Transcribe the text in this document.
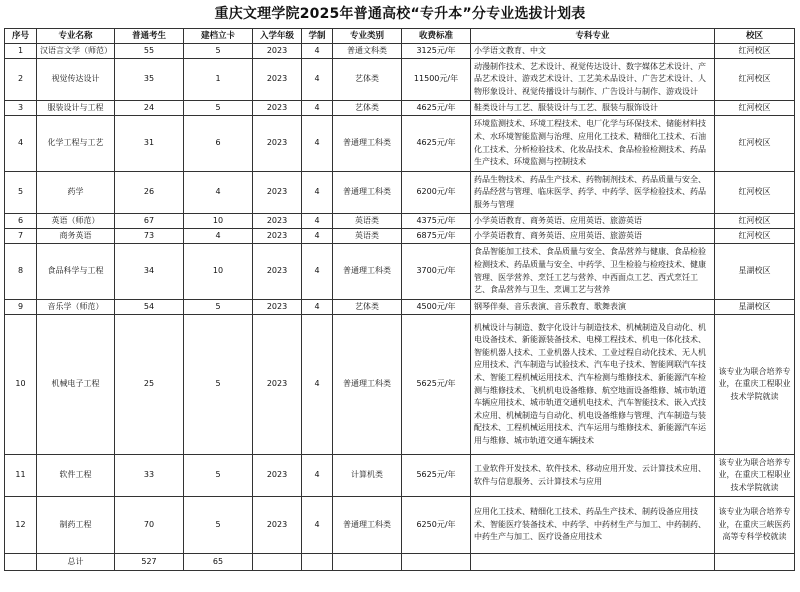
重庆文理学院2025年普通高校“专升本”分专业选拔计划表
序号	专业名称	普通考生	建档立卡	入学年级	学制	专业类别	收费标准	专科专业	校区
1	汉语言文学（师范）	55	5	2023	4	普通文科类	3125元/年	小学语文教育、中文	红河校区
2	视觉传达设计	35	1	2023	4	艺体类	11500元/年	动漫制作技术、艺术设计、视觉传达设计、数字媒体艺术设计、产品艺术设计、游戏艺术设计、工艺美术品设计、广告艺术设计、人物形象设计、视觉传播设计与制作、广告设计与制作、游戏设计	红河校区
3	服装设计与工程	24	5	2023	4	艺体类	4625元/年	鞋类设计与工艺、服装设计与工艺、服装与服饰设计	红河校区
4	化学工程与工艺	31	6	2023	4	普通理工科类	4625元/年	环境监测技术、环境工程技术、电厂化学与环保技术、储能材料技术、水环境智能监测与治理、应用化工技术、精细化工技术、石油化工技术、分析检验技术、化妆品技术、食品检验检测技术、药品生产技术、环境监测与控制技术	红河校区
5	药学	26	4	2023	4	普通理工科类	6200元/年	药品生物技术、药品生产技术、药物制剂技术、药品质量与安全、药品经营与管理、临床医学、药学、中药学、医学检验技术、药品服务与管理	红河校区
6	英语（师范）	67	10	2023	4	英语类	4375元/年	小学英语教育、商务英语、应用英语、旅游英语	红河校区
7	商务英语	73	4	2023	4	英语类	6875元/年	小学英语教育、商务英语、应用英语、旅游英语	红河校区
8	食品科学与工程	34	10	2023	4	普通理工科类	3700元/年	食品智能加工技术、食品质量与安全、食品营养与健康、食品检验检测技术、药品质量与安全、中药学、卫生检验与检疫技术、健康管理、医学营养、烹饪工艺与营养、中西面点工艺、西式烹饪工艺、食品营养与卫生、烹调工艺与营养	星湖校区
9	音乐学（师范）	54	5	2023	4	艺体类	4500元/年	钢琴伴奏、音乐表演、音乐教育、歌舞表演	星湖校区
10	机械电子工程	25	5	2023	4	普通理工科类	5625元/年	机械设计与制造、数字化设计与制造技术、机械制造及自动化、机电设备技术、新能源装备技术、电梯工程技术、机电一体化技术、智能机器人技术、工业机器人技术、工业过程自动化技术、无人机应用技术、汽车制造与试验技术、汽车电子技术、智能网联汽车技术、智能工程机械运用技术、汽车检测与维修技术、新能源汽车检测与维修技术、飞机机电设备维修、航空地面设备维修、城市轨道车辆应用技术、城市轨道交通机电技术、汽车智能技术、嵌入式技术应用、机械制造与自动化、机电设备维修与管理、汽车制造与装配技术、工程机械运用技术、汽车运用与维修技术、新能源汽车运用与维修、城市轨道交通车辆技术	该专业为联合培养专业，在重庆工程职业技术学院就读
11	软件工程	33	5	2023	4	计算机类	5625元/年	工业软件开发技术、软件技术、移动应用开发、云计算技术应用、软件与信息服务、云计算技术与应用	该专业为联合培养专业，在重庆工程职业技术学院就读
12	制药工程	70	5	2023	4	普通理工科类	6250元/年	应用化工技术、精细化工技术、药品生产技术、制药设备应用技术、智能医疗装备技术、中药学、中药材生产与加工、中药制药、中药生产与加工、医疗设备应用技术	该专业为联合培养专业，在重庆三峡医药高等专科学校就读
	总计	527	65						
